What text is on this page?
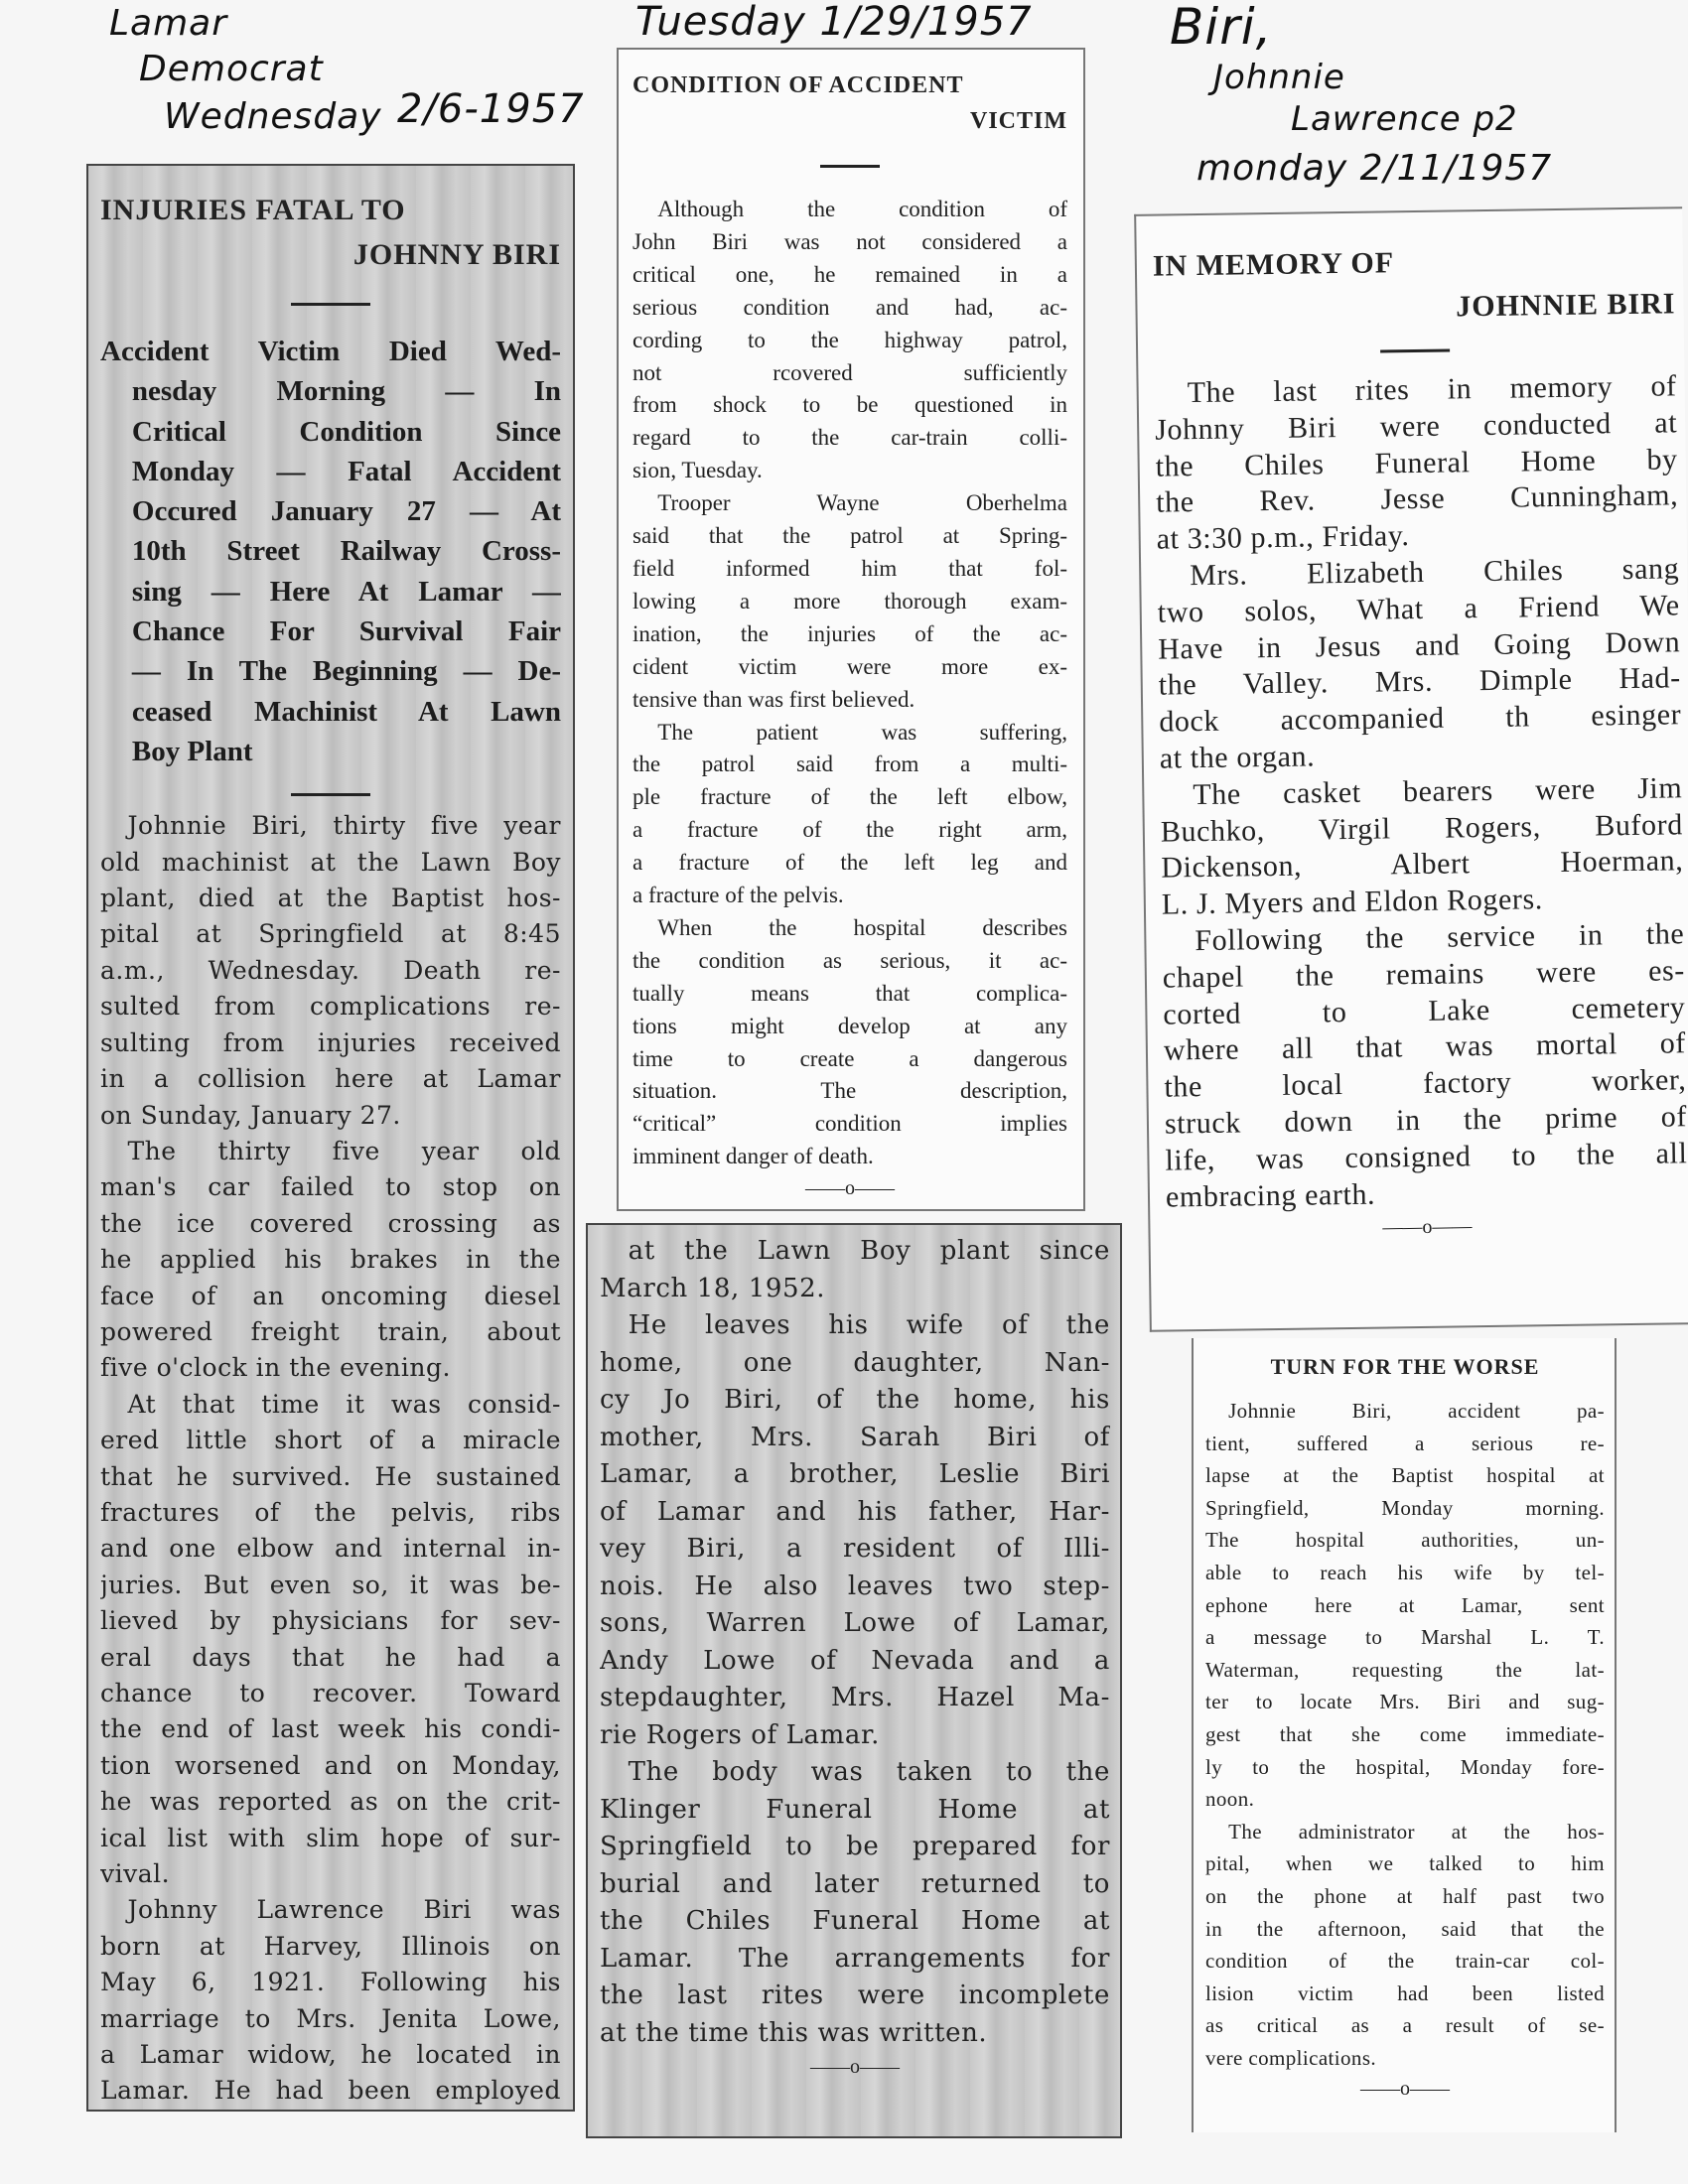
Lamar
Democrat
Wednesday 2/6-1957
Tuesday 1/29/1957	Biri,
Johnnie
Lawrence p2
monday 2/11/1957
INJURIES FATAL TO
JOHNNY BIRI
Accident Victim Died Wed-
nesday Morning — In
Critical Condition Since
Monday — Fatal Accident
Occured January 27 — At
10th Street Railway Cross-
sing — Here At Lamar —
Chance For Survival Fair
— In The Beginning — De-
ceased Machinist At Lawn
Boy Plant
Johnnie Biri, thirty five year
old machinist at the Lawn Boy
plant, died at the Baptist hos-
pital at Springfield at 8:45
a.m., Wednesday. Death re-
sulted from complications re-
sulting from injuries received
in a collision here at Lamar
on Sunday, January 27.
The thirty five year old
man's car failed to stop on
the ice covered crossing as
he applied his brakes in the
face of an oncoming diesel
powered freight train, about
five o'clock in the evening.
At that time it was consid-
ered little short of a miracle
that he survived. He sustained
fractures of the pelvis, ribs
and one elbow and internal in-
juries. But even so, it was be-
lieved by physicians for sev-
eral days that he had a
chance to recover. Toward
the end of last week his condi-
tion worsened and on Monday,
he was reported as on the crit-
ical list with slim hope of sur-
vival.
Johnny Lawrence Biri was
born at Harvey, Illinois on
May 6, 1921. Following his
marriage to Mrs. Jenita Lowe,
a Lamar widow, he located in
Lamar. He had been employed
CONDITION OF ACCIDENT
VICTIM
Although the condition of
John Biri was not considered a
critical one, he remained in a
serious condition and had, ac-
cording to the highway patrol,
not rcovered sufficiently
from shock to be questioned in
regard to the car-train colli-
sion, Tuesday.
Trooper Wayne Oberhelma
said that the patrol at Spring-
field informed him that fol-
lowing a more thorough exam-
ination, the injuries of the ac-
cident victim were more ex-
tensive than was first believed.
The patient was suffering,
the patrol said from a multi-
ple fracture of the left elbow,
a fracture of the right arm,
a fracture of the left leg and
a fracture of the pelvis.
When the hospital describes
the condition as serious, it ac-
tually means that complica-
tions might develop at any
time to create a dangerous
situation. The description,
“critical” condition implies
imminent danger of death.
——o——
at the Lawn Boy plant since
March 18, 1952.
He leaves his wife of the
home, one daughter, Nan-
cy Jo Biri, of the home, his
mother, Mrs. Sarah Biri of
Lamar, a brother, Leslie Biri
of Lamar and his father, Har-
vey Biri, a resident of Illi-
nois. He also leaves two step-
sons, Warren Lowe of Lamar,
Andy Lowe of Nevada and a
stepdaughter, Mrs. Hazel Ma-
rie Rogers of Lamar.
The body was taken to the
Klinger Funeral Home at
Springfield to be prepared for
burial and later returned to
the Chiles Funeral Home at
Lamar. The arrangements for
the last rites were incomplete
at the time this was written.
——o——
IN MEMORY OF
JOHNNIE BIRI
The last rites in memory of
Johnny Biri were conducted at
the Chiles Funeral Home by
the Rev. Jesse Cunningham,
at 3:30 p.m., Friday.
Mrs. Elizabeth Chiles sang
two solos, What a Friend We
Have in Jesus and Going Down
the Valley. Mrs. Dimple Had-
dock accompanied th esinger
at the organ.
The casket bearers were Jim
Buchko, Virgil Rogers, Buford
Dickenson, Albert Hoerman,
L. J. Myers and Eldon Rogers.
Following the service in the
chapel the remains were es-
corted to Lake cemetery
where all that was mortal of
the local factory worker,
struck down in the prime of
life, was consigned to the all
embracing earth.
——o——
TURN FOR THE WORSE
Johnnie Biri, accident pa-
tient, suffered a serious re-
lapse at the Baptist hospital at
Springfield, Monday morning.
The hospital authorities, un-
able to reach his wife by tel-
ephone here at Lamar, sent
a message to Marshal L. T.
Waterman, requesting the lat-
ter to locate Mrs. Biri and sug-
gest that she come immediate-
ly to the hospital, Monday fore-
noon.
The administrator at the hos-
pital, when we talked to him
on the phone at half past two
in the afternoon, said that the
condition of the train-car col-
lision victim had been listed
as critical as a result of se-
vere complications.
——o——
